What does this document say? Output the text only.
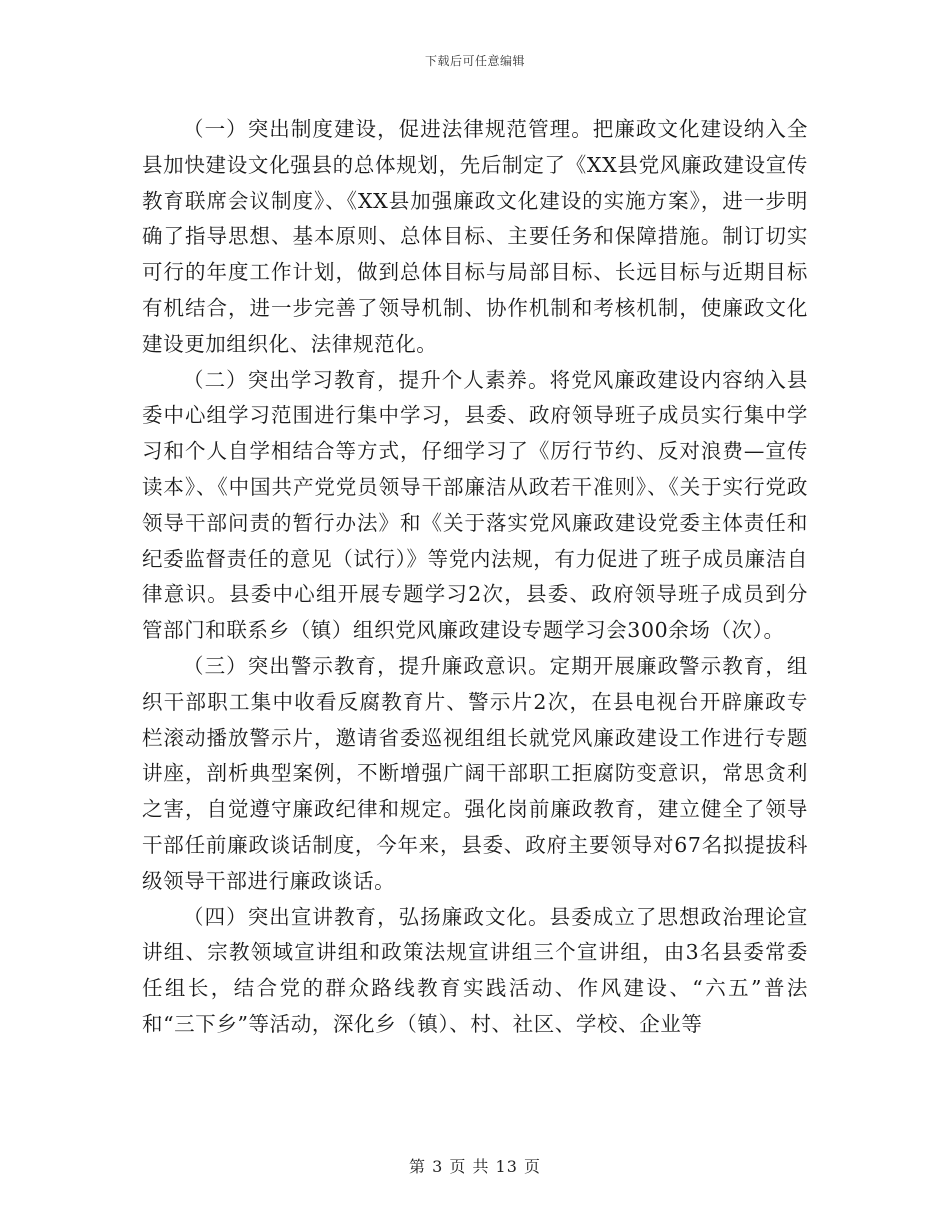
下载后可任意编辑

（一）突出制度建设，促进法律规范管理。把廉政文化建设纳入全县加快建设文化强县的总体规划，先后制定了《XX县党风廉政建设宣传教育联席会议制度》、《XX县加强廉政文化建设的实施方案》，进一步明确了指导思想、基本原则、总体目标、主要任务和保障措施。制订切实可行的年度工作计划，做到总体目标与局部目标、长远目标与近期目标有机结合，进一步完善了领导机制、协作机制和考核机制，使廉政文化建设更加组织化、法律规范化。

（二）突出学习教育，提升个人素养。将党风廉政建设内容纳入县委中心组学习范围进行集中学习，县委、政府领导班子成员实行集中学习和个人自学相结合等方式，仔细学习了《厉行节约、反对浪费—宣传读本》、《中国共产党党员领导干部廉洁从政若干准则》、《关于实行党政领导干部问责的暂行办法》和《关于落实党风廉政建设党委主体责任和纪委监督责任的意见（试行）》等党内法规，有力促进了班子成员廉洁自律意识。县委中心组开展专题学习2次，县委、政府领导班子成员到分管部门和联系乡（镇）组织党风廉政建设专题学习会300余场（次）。

（三）突出警示教育，提升廉政意识。定期开展廉政警示教育，组织干部职工集中收看反腐教育片、警示片2次，在县电视台开辟廉政专栏滚动播放警示片，邀请省委巡视组组长就党风廉政建设工作进行专题讲座，剖析典型案例，不断增强广阔干部职工拒腐防变意识，常思贪利之害，自觉遵守廉政纪律和规定。强化岗前廉政教育，建立健全了领导干部任前廉政谈话制度，今年来，县委、政府主要领导对67名拟提拔科级领导干部进行廉政谈话。

（四）突出宣讲教育，弘扬廉政文化。县委成立了思想政治理论宣讲组、宗教领域宣讲组和政策法规宣讲组三个宣讲组，由3名县委常委任组长，结合党的群众路线教育实践活动、作风建设、“六五”普法和“三下乡”等活动，深化乡（镇）、村、社区、学校、企业等

第 3 页 共 13 页
